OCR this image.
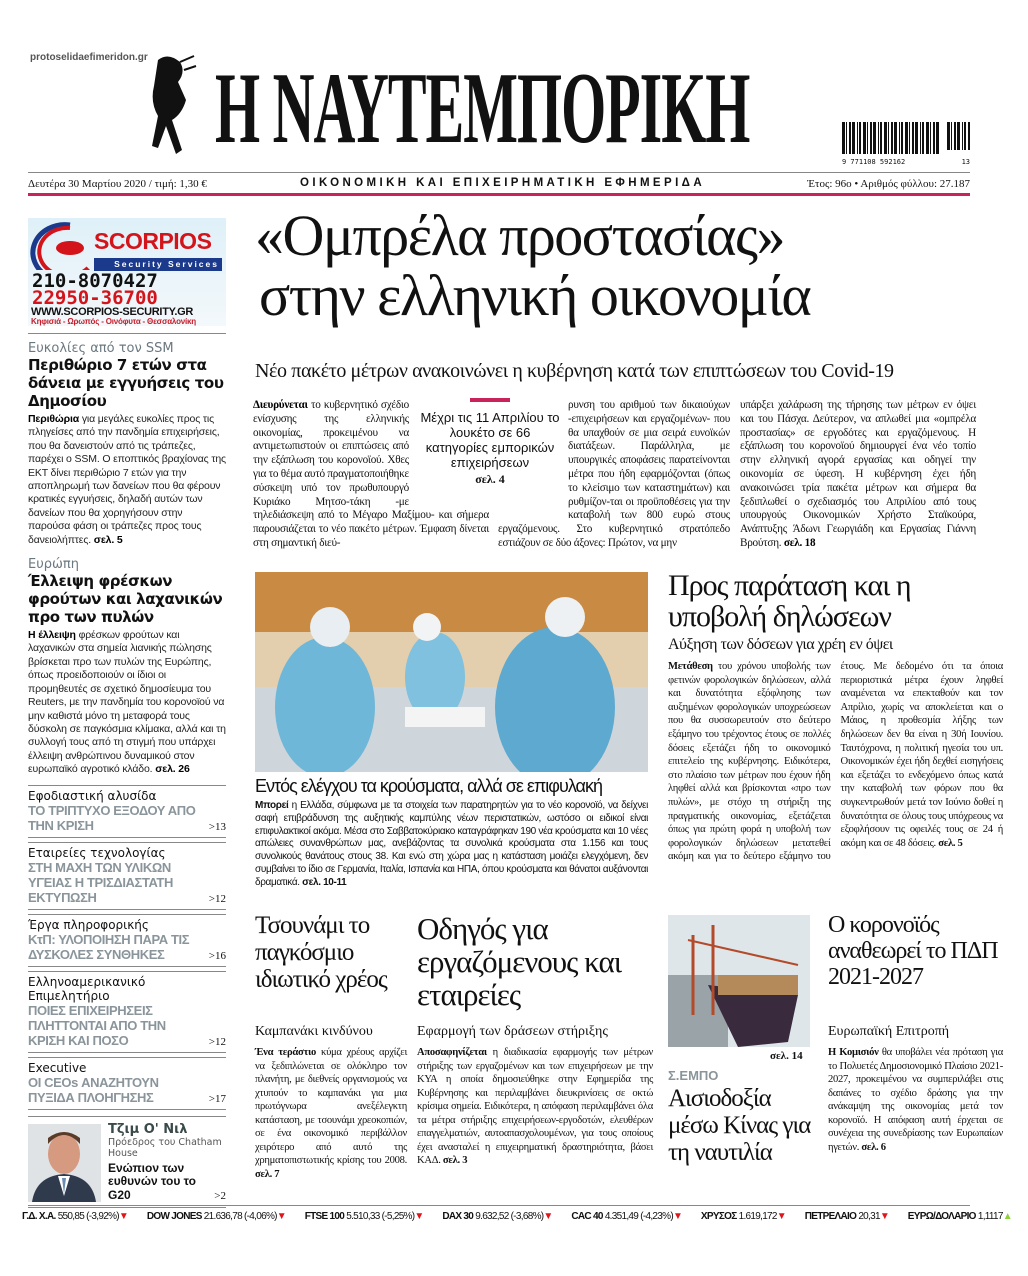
protoselidaefimeridon.gr Η ΝΑΥΤΕΜΠΟΡΙΚΗ	9 771108 592162	13
Δευτέρα 30 Μαρτίου 2020 / τιμή: 1,30 €	ΟΙΚΟΝΟΜΙΚΗ ΚΑΙ ΕΠΙΧΕΙΡΗΜΑΤΙΚΗ ΕΦΗΜΕΡΙΔΑ	Έτος: 96ο • Αριθμός φύλλου: 27.187
SCORPIOS
Security Services
210-8070427
22950-36700
WWW.SCORPIOS-SECURITY.GR
Κηφισιά - Ωρωπός - Οινόφυτα - Θεσσαλονίκη
Ευκολίες από τον SSM
Περιθώριο 7 ετών στα δάνεια με εγγυήσεις του Δημοσίου
Περιθώρια για μεγάλες ευκολίες προς τις πληγείσες από την πανδημία επιχειρήσεις, που θα δανειστούν από τις τράπεζες, παρέχει ο SSM. Ο εποπτικός βραχίονας της ΕΚΤ δίνει περιθώριο 7 ετών για την αποπληρωμή των δανείων που θα φέρουν κρατικές εγγυήσεις, δηλαδή αυτών των δανείων που θα χορηγήσουν στην παρούσα φάση οι τράπεζες προς τους δανειολήπτες. σελ. 5
Ευρώπη
Έλλειψη φρέσκων φρούτων και λαχανικών προ των πυλών
Η έλλειψη φρέσκων φρούτων και λαχανικών στα σημεία λιανικής πώλησης βρίσκεται προ των πυλών της Ευρώπης, όπως προειδοποιούν οι ίδιοι οι προμηθευτές σε σχετικό δημοσίευμα του Reuters, με την πανδημία του κορονοϊού να μην καθιστά μόνο τη μεταφορά τους δύσκολη σε παγκόσμια κλίμακα, αλλά και τη συλλογή τους από τη στιγμή που υπάρχει έλλειψη ανθρώπινου δυναμικού στον ευρωπαϊκό αγροτικό κλάδο. σελ. 26
Εφοδιαστική αλυσίδα
ΤΟ ΤΡΙΠΤΥΧΟ ΕΞΟΔΟΥ ΑΠΟ ΤΗΝ ΚΡΙΣΗ	>13
Εταιρείες τεχνολογίας
ΣΤΗ ΜΑΧΗ ΤΩΝ ΥΛΙΚΩΝ ΥΓΕΙΑΣ Η ΤΡΙΣΔΙΑΣΤΑΤΗ ΕΚΤΥΠΩΣΗ	>12
Έργα πληροφορικής
ΚτΠ: ΥΛΟΠΟΙΗΣΗ ΠΑΡΑ ΤΙΣ ΔΥΣΚΟΛΕΣ ΣΥΝΘΗΚΕΣ	>16
Ελληνοαμερικανικό Επιμελητήριο
ΠΟΙΕΣ ΕΠΙΧΕΙΡΗΣΕΙΣ ΠΛΗΤΤΟΝΤΑΙ ΑΠΟ ΤΗΝ ΚΡΙΣΗ ΚΑΙ ΠΟΣΟ	>12
Executive
ΟΙ CEOs ΑΝΑΖΗΤΟΥΝ ΠΥΞΙΔΑ ΠΛΟΗΓΗΣΗΣ	>17
Τζιμ Ο' Νιλ
Πρόεδρος του Chatham House
Ενώπιον των ευθυνών του το G20	>2
«Ομπρέλα προστασίας»
στην ελληνική οικονομία
Νέο πακέτο μέτρων ανακοινώνει η κυβέρνηση κατά των επιπτώσεων του Covid-19
Διευρύνεται το κυβερνητικό σχέδιο ενίσχυσης της ελληνικής οικονομίας, προκειμένου να αντιμετωπιστούν οι επιπτώσεις από την εξάπλωση του κορονοϊού. Χθες για το θέμα αυτό πραγματοποιήθηκε σύσκεψη υπό τον πρωθυπουργό Κυριάκο Μητσο-τάκη -με τηλεδιάσκεψη από το Μέγαρο Μαξίμου- και σήμερα παρουσιάζεται το νέο πακέτο μέτρων. Έμφαση δίνεται στη σημαντική διεύ-
Μέχρι τις 11 Απριλίου το λουκέτο σε 66 κατηγορίες εμπορικών επιχειρήσεων
σελ. 4
ρυνση του αριθμού των δικαιούχων -επιχειρήσεων και εργαζομένων- που θα υπαχθούν σε μια σειρά ευνοϊκών διατάξεων. Παράλληλα, με υπουργικές αποφάσεις παρατείνονται μέτρα που ήδη εφαρμόζονται (όπως το κλείσιμο των καταστημάτων) και ρυθμίζον-ται οι προϋποθέσεις για την καταβολή των 800 ευρώ στους εργαζόμενους. Στο κυβερνητικό στρατόπεδο εστιάζουν σε δύο άξονες: Πρώτον, να μην
υπάρξει χαλάρωση της τήρησης των μέτρων εν όψει και του Πάσχα. Δεύτερον, να απλωθεί μια «ομπρέλα προστασίας» σε εργοδότες και εργαζόμενους. Η εξάπλωση του κορονοϊού δημιουργεί ένα νέο τοπίο στην ελληνική αγορά εργασίας και οδηγεί την οικονομία σε ύφεση. Η κυβέρνηση έχει ήδη ανακοινώσει τρία πακέτα μέτρων και σήμερα θα ξεδιπλωθεί ο σχεδιασμός του Απριλίου από τους υπουργούς Οικονομικών Χρήστο Σταϊκούρα, Ανάπτυξης Άδωνι Γεωργιάδη και Εργασίας Γιάννη Βρούτση. σελ. 18
Εντός ελέγχου τα κρούσματα, αλλά σε επιφυλακή
Μπορεί η Ελλάδα, σύμφωνα με τα στοιχεία των παρατηρητών για το νέο κορονοϊό, να δείχνει σαφή επιβράδυνση της αυξητικής καμπύλης νέων περιστατικών, ωστόσο οι ειδικοί είναι επιφυλακτικοί ακόμα. Μέσα στο Σαββατοκύριακο καταγράφηκαν 190 νέα κρούσματα και 10 νέες απώλειες συνανθρώπων μας, ανεβάζοντας τα συνολικά κρούσματα στα 1.156 και τους συνολικούς θανάτους στους 38. Και ενώ στη χώρα μας η κατάσταση μοιάζει ελεγχόμενη, δεν συμβαίνει το ίδιο σε Γερμανία, Ιταλία, Ισπανία και ΗΠΑ, όπου κρούσματα και θάνατοι αυξάνονται δραματικά. σελ. 10-11
Προς παράταση και η υποβολή δηλώσεων
Αύξηση των δόσεων για χρέη εν όψει
Μετάθεση του χρόνου υποβολής των φετινών φορολογικών δηλώσεων, αλλά και δυνατότητα εξόφλησης των αυξημένων φορολογικών υποχρεώσεων που θα συσσωρευτούν στο δεύτερο εξάμηνο του τρέχοντος έτους σε πολλές δόσεις εξετάζει ήδη το οικονομικό επιτελείο της κυβέρνησης. Ειδικότερα, στο πλαίσιο των μέτρων που έχουν ήδη ληφθεί αλλά και βρίσκονται «προ των πυλών», με στόχο τη στήριξη της πραγματικής οικονομίας, εξετάζεται όπως για πρώτη φορά η υποβολή των φορολογικών δηλώσεων μετατεθεί ακόμη και για το δεύτερο εξάμηνο του έτους. Με δεδομένο ότι τα όποια περιοριστικά μέτρα έχουν ληφθεί αναμένεται να επεκταθούν και τον Απρίλιο, χωρίς να αποκλείεται και ο Μάιος, η προθεσμία λήξης των δηλώσεων δεν θα είναι η 30ή Ιουνίου. Ταυτόχρονα, η πολιτική ηγεσία του υπ. Οικονομικών έχει ήδη δεχθεί εισηγήσεις και εξετάζει το ενδεχόμενο όπως κατά την καταβολή των φόρων που θα συγκεντρωθούν μετά τον Ιούνιο δοθεί η δυνατότητα σε όλους τους υπόχρεους να εξοφλήσουν τις οφειλές τους σε 24 ή ακόμη και σε 48 δόσεις. σελ. 5
Τσουνάμι το παγκόσμιο ιδιωτικό χρέος
Καμπανάκι κινδύνου
Ένα τεράστιο κύμα χρέους αρχίζει να ξεδιπλώνεται σε ολόκληρο τον πλανήτη, με διεθνείς οργανισμούς να χτυπούν το καμπανάκι για μια πρωτόγνωρα ανεξέλεγκτη κατάσταση, με τσουνάμι χρεοκοπιών, σε ένα οικονομικό περιβάλλον χειρότερο από αυτό της χρηματοπιστωτικής κρίσης του 2008. σελ. 7
Οδηγός για εργαζόμενους και εταιρείες
Εφαρμογή των δράσεων στήριξης
Αποσαφηνίζεται η διαδικασία εφαρμογής των μέτρων στήριξης των εργαζομένων και των επιχειρήσεων με την ΚΥΑ η οποία δημοσιεύθηκε στην Εφημερίδα της Κυβέρνησης και περιλαμβάνει διευκρινίσεις σε οκτώ κρίσιμα σημεία. Ειδικότερα, η απόφαση περιλαμβάνει όλα τα μέτρα στήριξης επιχειρήσεων-εργοδοτών, ελευθέρων επαγγελματιών, αυτοαπασχολουμένων, για τους οποίους έχει ανασταλεί η επιχειρηματική δραστηριότητα, βάσει ΚΑΔ. σελ. 3
σελ. 14
Σ.ΕΜΠΟ
Αισιοδοξία μέσω Κίνας για τη ναυτιλία
Ο κορονοϊός αναθεωρεί το ΠΔΠ 2021-2027
Ευρωπαϊκή Επιτροπή
Η Κομισιόν θα υποβάλει νέα πρόταση για το Πολυετές Δημοσιονομικό Πλαίσιο 2021-2027, προκειμένου να συμπεριλάβει στις δαπάνες το σχέδιο δράσης για την ανάκαμψη της οικονομίας μετά τον κορονοϊό. Η απόφαση αυτή έρχεται σε συνέχεια της συνεδρίασης των Ευρωπαίων ηγετών. σελ. 6
Γ.Δ. Χ.Α. 550,85 (-3,92%)▼ DOW JONES 21.636,78 (-4,06%)▼ FTSE 100 5.510,33 (-5,25%)▼ DAX 30 9.632,52 (-3,68%)▼ CAC 40 4.351,49 (-4,23%)▼ ΧΡΥΣΟΣ 1.619,172▼ ΠΕΤΡΕΛΑΙΟ 20,31▼ ΕΥΡΩ/ΔΟΛΑΡΙΟ 1,1117▲
